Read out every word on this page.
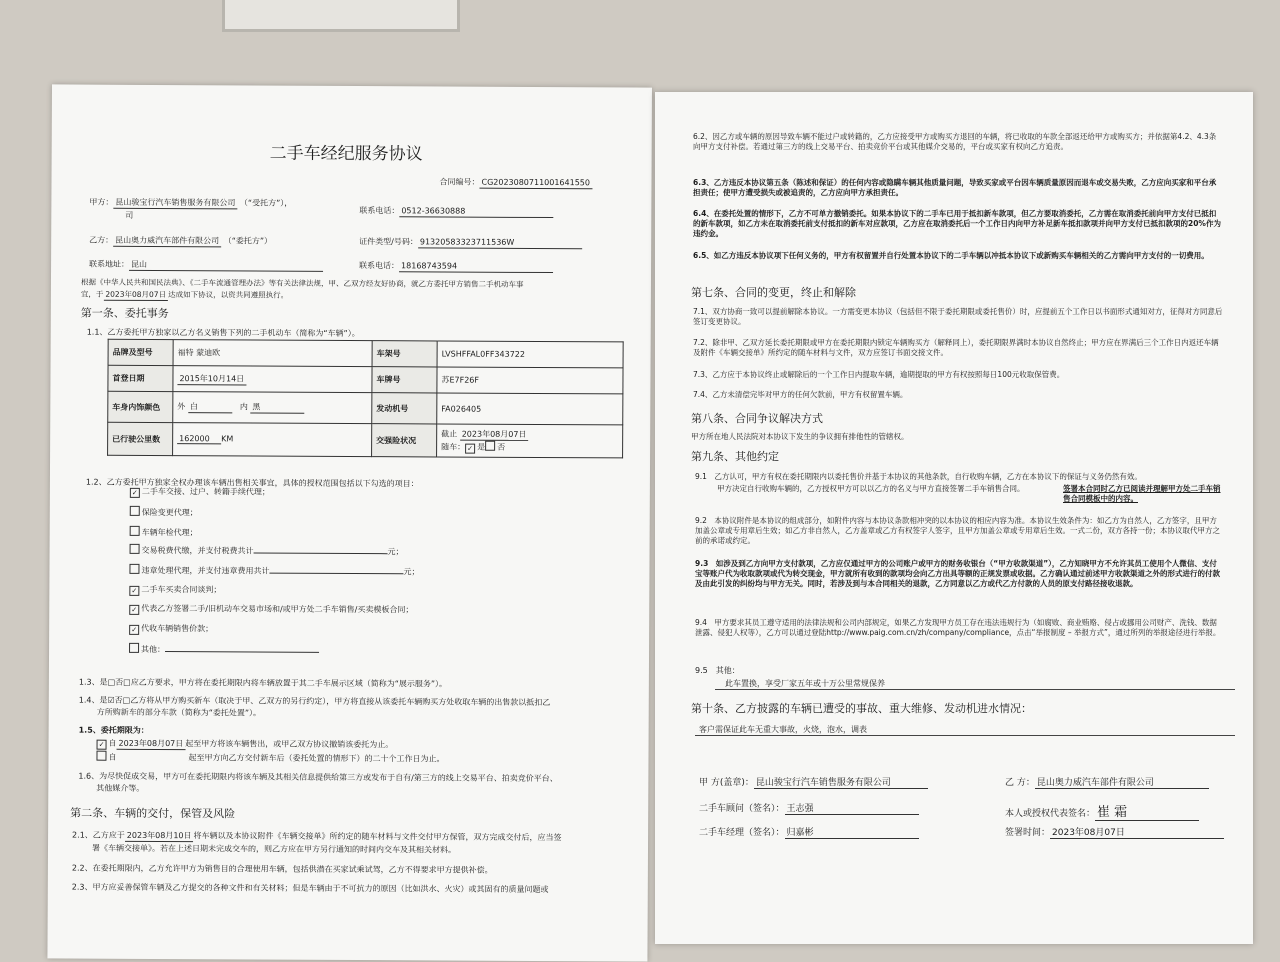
二手车经纪服务协议
合同编号： CG2023080711001641550
甲方： 昆山骏宝行汽车销售服务有限公司 （“受托方”），
司
联系电话： 0512-36630888
乙方： 昆山奥力威汽车部件有限公司 （“委托方”）	证件类型/号码： 91320583323711536W
联系地址： 昆山	联系电话： 18168743594
根据《中华人民共和国民法典》、《二手车流通管理办法》等有关法律法规，甲、乙双方经友好协商，就乙方委托甲方销售二手机动车事
宜，于 2023年08月07日 达成如下协议，以资共同遵照执行。
第一条、委托事务
1.1、乙方委托甲方独家以乙方名义销售下列的二手机动车（简称为“车辆”）。
品牌及型号	福特 蒙迪欧	车架号	LVSHFFAL0FF343722
首登日期	2015年10月14日	车牌号	苏E7F26F
车身内饰颜色	外 白　 内 黑	发动机号	FA026405
已行驶公里数	162000 KM	交强险状况	截止 2023年08月07日
随车： ✓ 是 否
1.2、乙方委托甲方独家全权办理该车辆出售相关事宜，具体的授权范围包括以下勾选的项目：
1.3、是□否□应乙方要求，甲方将在委托期限内将车辆放置于其二手车展示区域（简称为“展示服务”）。
1.4、是☑否□乙方将从甲方购买新车（取决于甲、乙双方的另行约定），甲方将直接从该委托车辆购买方处收取车辆的出售款以抵扣乙
方所购新车的部分车款（简称为“委托处置”）。
1.5、委托期限为：
✓ 自 2023年08月07日 起至甲方将该车辆售出，或甲乙双方协议撤销该委托为止。
自　　　　　　　　　起至甲方向乙方交付新车后（委托处置的情形下）的二十个工作日为止。
1.6、为尽快促成交易，甲方可在委托期限内将该车辆及其相关信息提供给第三方或发布于自有/第三方的线上交易平台、拍卖竞价平台、
其他媒介等。
第二条、车辆的交付，保管及风险
2.1、乙方应于 2023年08月10日 将车辆以及本协议附件《车辆交接单》所约定的随车材料与文件交付甲方保管，双方完成交付后，应当签
署《车辆交接单》。若在上述日期未完成交车的，则乙方应在甲方另行通知的时间内交车及其相关材料。
2.2、在委托期限内，乙方允许甲方为销售目的合理使用车辆，包括供潜在买家试乘试驾，乙方不得要求甲方提供补偿。
2.3、甲方应妥善保管车辆及乙方提交的各种文件和有关材料；但是车辆由于不可抗力的原因（比如洪水、火灾）或其固有的质量问题或
✓ 二手车交接、过户、转籍手续代理；
保险变更代理；
车辆年检代理；
交易税费代缴，并支付税费共计	元；
违章处理代理，并支付违章费用共计	元；
✓ 二手车买卖合同谈判；
✓ 代表乙方签署二手/旧机动车交易市场和/或甲方处二手车销售/买卖模板合同；
✓ 代收车辆销售价款；
其他：
6.2、因乙方或车辆的原因导致车辆不能过户或转籍的，乙方应接受甲方或购买方退回的车辆，将已收取的车款全部返还给甲方或购买方；并依据第4.2、4.3条向甲方支付补偿。若通过第三方的线上交易平台、拍卖竞价平台或其他媒介交易的，平台或买家有权向乙方追责。
6.3、乙方违反本协议第五条（陈述和保证）的任何内容或隐瞒车辆其他质量问题，导致买家或平台因车辆质量原因而退车或交易失败，乙方应向买家和平台承担责任；使甲方遭受损失或被追责的，乙方应向甲方承担责任。
6.4、在委托处置的情形下，乙方不可单方撤销委托。如果本协议下的二手车已用于抵扣新车款项，但乙方要取消委托，乙方需在取消委托前向甲方支付已抵扣的新车款项，如乙方未在取消委托前支付抵扣的新车对应款项，乙方应在取消委托后一个工作日内向甲方补足新车抵扣款项并向甲方支付已抵扣款项的20%作为违约金。
6.5、如乙方违反本协议项下任何义务的，甲方有权留置并自行处置本协议下的二手车辆以冲抵本协议下或新购买车辆相关的乙方需向甲方支付的一切费用。
第七条、合同的变更，终止和解除
7.1、双方协商一致可以提前解除本协议。一方需变更本协议（包括但不限于委托期限或委托售价）时，应提前五个工作日以书面形式通知对方，征得对方同意后签订变更协议。
7.2、除非甲、乙双方延长委托期限或甲方在委托期限内锁定车辆购买方（解释同上），委托期限界满时本协议自然终止；甲方应在界满后三个工作日内返还车辆及附件《车辆交接单》所约定的随车材料与文件，双方应签订书面交接文件。
7.3、乙方应于本协议终止或解除后的一个工作日内提取车辆，逾期提取的甲方有权按照每日100元收取保管费。
7.4、乙方未清偿完毕对甲方的任何欠款前，甲方有权留置车辆。
第八条、合同争议解决方式
甲方所在地人民法院对本协议下发生的争议拥有排他性的管辖权。
第九条、其他约定
9.1　乙方认可，甲方有权在委托期限内以委托售价并基于本协议的其他条款，自行收购车辆，乙方在本协议下的保证与义务仍然有效。
甲方决定自行收购车辆的，乙方授权甲方可以以乙方的名义与甲方直接签署二手车销售合同。	签署本合同时乙方已阅读并理解甲方处二手车销售合同模板中的内容。
9.2　本协议附件是本协议的组成部分，如附件内容与本协议条款相冲突的以本协议的相应内容为准。本协议生效条件为：如乙方为自然人，乙方签字，且甲方加盖公章或专用章后生效；如乙方非自然人，乙方盖章或乙方有权签字人签字，且甲方加盖公章或专用章后生效。一式二份，双方各持一份；本协议取代甲方之前的承诺或约定。
9.3　如涉及到乙方向甲方支付款项，乙方应仅通过甲方的公司账户或甲方的财务收银台（“甲方收款渠道”），乙方知晓甲方不允许其员工使用个人微信、支付宝等账户代为收取款项或代为转交现金，甲方就所有收到的款项均会向乙方出具等额的正规发票或收据。乙方确认通过前述甲方收款渠道之外的形式进行的付款及由此引发的纠纷均与甲方无关。同时，若涉及到与本合同相关的退款，乙方同意以乙方或代乙方付款的人员的原支付路径接收退款。
9.4　甲方要求其员工遵守适用的法律法规和公司内部规定，如果乙方发现甲方员工存在违法违规行为（如腐败、商业贿赂、侵占或挪用公司财产、洗钱、数据泄露、侵犯人权等），乙方可以通过登陆http://www.paig.com.cn/zh/company/compliance，点击“举报制度 – 举报方式”，通过所列的举报途径进行举报。
9.5　其他：
此车置换，享受厂家五年或十万公里常规保养
第十条、乙方披露的车辆已遭受的事故、重大维修、发动机进水情况：
客户需保证此车无重大事故，火烧，泡水，调表
甲 方(盖章)： 昆山骏宝行汽车销售服务有限公司	乙 方： 昆山奥力威汽车部件有限公司
二手车顾问（签名）： 王志强	本人或授权代表签名： 崔 霜
二手车经理（签名）： 归嘉彬	签署时间： 2023年08月07日
